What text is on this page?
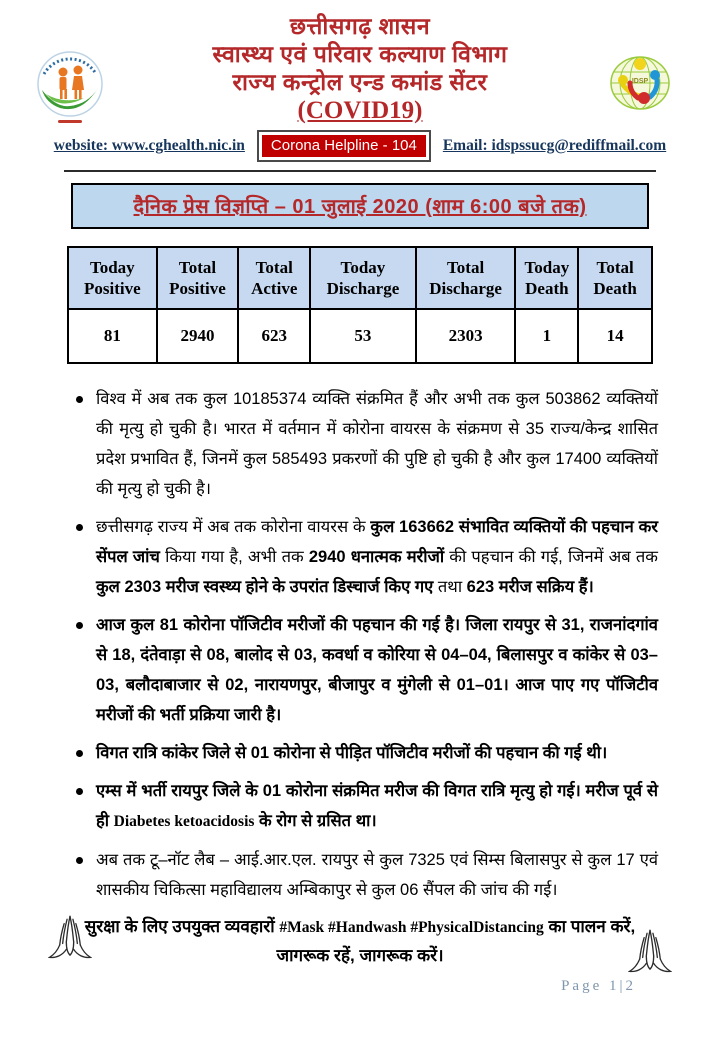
IDSP
छत्तीसगढ़ शासन
स्वास्थ्य एवं परिवार कल्याण विभाग
राज्य कन्ट्रोल एन्ड कमांड सेंटर
(COVID19)
website: www.cghealth.nic.in	Corona Helpline - 104	Email: idspssucg@rediffmail.com
दैनिक प्रेस विज्ञप्ति – 01 जुलाई 2020 (शाम 6:00 बजे तक)
Today Positive	Total Positive	Total Active	Today Discharge	Total Discharge	Today Death	Total Death
81	2940	623	53	2303	1	14
विश्व में अब तक कुल 10185374 व्यक्ति संक्रमित हैं और अभी तक कुल 503862 व्यक्तियों की मृत्यु हो चुकी है। भारत में वर्तमान में कोरोना वायरस के संक्रमण से 35 राज्य/केन्द्र शासित प्रदेश प्रभावित हैं, जिनमें कुल 585493 प्रकरणों की पुष्टि हो चुकी है और कुल 17400 व्यक्तियों की मृत्यु हो चुकी है।
छत्तीसगढ़ राज्य में अब तक कोरोना वायरस के कुल 163662 संभावित व्यक्तियों की पहचान कर सेंपल जांच किया गया है, अभी तक 2940 धनात्मक मरीजों की पहचान की गई, जिनमें अब तक कुल 2303 मरीज स्वस्थ्य होने के उपरांत डिस्चार्ज किए गए तथा 623 मरीज सक्रिय हैं।
आज कुल 81 कोरोना पॉजिटीव मरीजों की पहचान की गई है। जिला रायपुर से 31, राजनांदगांव से 18, दंतेवाड़ा से 08, बालोद से 03, कवर्धा व कोरिया से 04–04, बिलासपुर व कांकेर से 03–03, बलौदाबाजार से 02, नारायणपुर, बीजापुर व मुंगेली से 01–01। आज पाए गए पॉजिटीव मरीजों की भर्ती प्रक्रिया जारी है।
विगत रात्रि कांकेर जिले से 01 कोरोना से पीड़ित पॉजिटीव मरीजों की पहचान की गई थी।
एम्स में भर्ती रायपुर जिले के 01 कोरोना संक्रमित मरीज की विगत रात्रि मृत्यु हो गई। मरीज पूर्व से ही Diabetes ketoacidosis के रोग से ग्रसित था।
अब तक टू–नॉट लैब – आई.आर.एल. रायपुर से कुल 7325 एवं सिम्स बिलासपुर से कुल 17 एवं शासकीय चिकित्सा महाविद्यालय अम्बिकापुर से कुल 06 सैंपल की जांच की गई।
सुरक्षा के लिए उपयुक्त व्यवहारों #Mask #Handwash #PhysicalDistancing का पालन करें, जागरूक रहें, जागरूक करें।
Page 1|2
